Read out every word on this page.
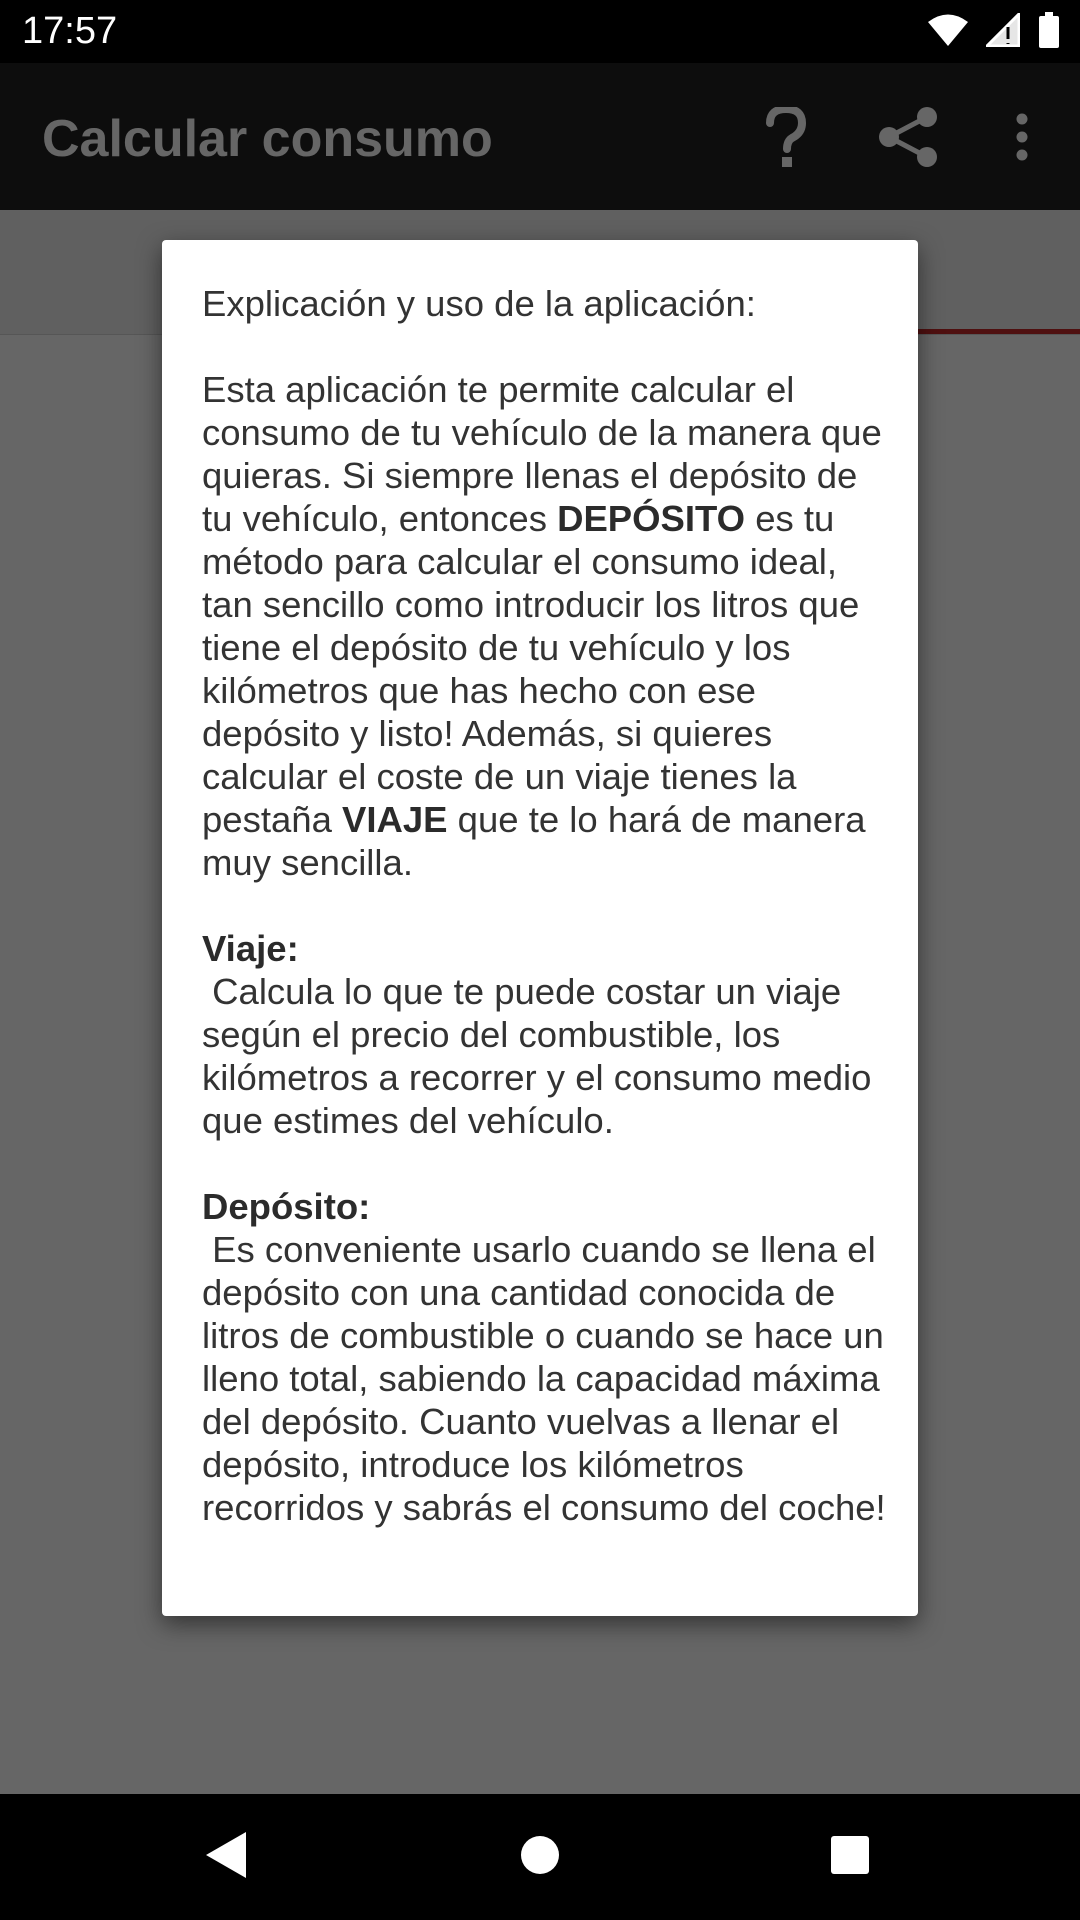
17:57

Explicación y uso de la aplicación:

Esta aplicación te permite calcular el consumo de tu vehículo de la manera que quieras. Si siempre llenas el depósito de tu vehículo, entonces DEPÓSITO es tu método para calcular el consumo ideal, tan sencillo como introducir los litros que tiene el depósito de tu vehículo y los kilómetros que has hecho con ese depósito y listo! Además, si quieres calcular el coste de un viaje tienes la pestaña VIAJE que te lo hará de manera muy sencilla.

Viaje:

Calcula lo que te puede costar un viaje según el precio del combustible, los kilómetros a recorrer y el consumo medio que estimes del vehículo.

Depósito:

Es conveniente usarlo cuando se llena el depósito con una cantidad conocida de litros de combustible o cuando se hace un lleno total, sabiendo la capacidad máxima del depósito. Cuanto vuelvas a llenar el depósito, introduce los kilómetros recorridos y sabrás el consumo del coche!
